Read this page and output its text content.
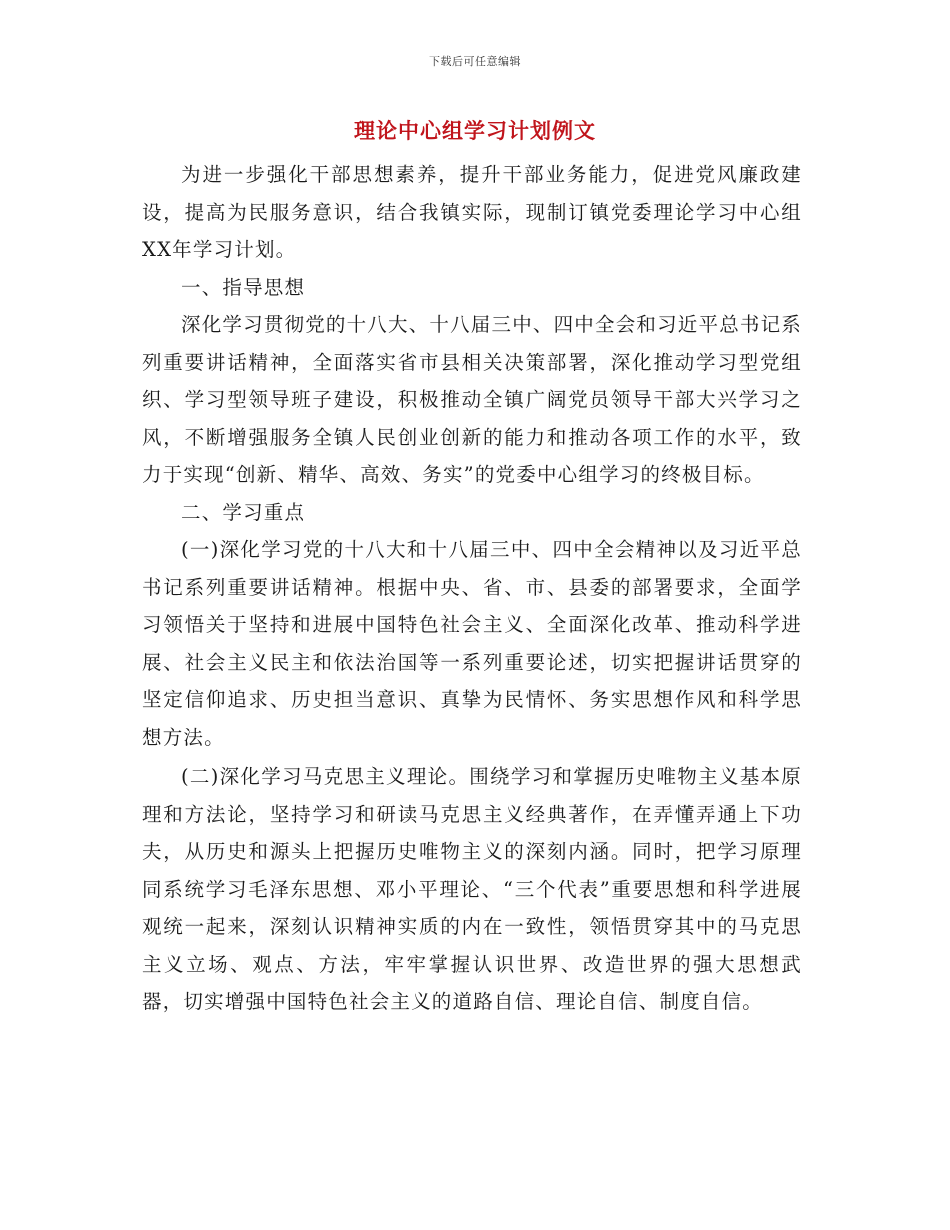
下载后可任意编辑
理论中心组学习计划例文

为进一步强化干部思想素养，提升干部业务能力，促进党风廉政建设，提高为民服务意识，结合我镇实际，现制订镇党委理论学习中心组XX年学习计划。

一、指导思想

深化学习贯彻党的十八大、十八届三中、四中全会和习近平总书记系列重要讲话精神，全面落实省市县相关决策部署，深化推动学习型党组织、学习型领导班子建设，积极推动全镇广阔党员领导干部大兴学习之风，不断增强服务全镇人民创业创新的能力和推动各项工作的水平，致力于实现“创新、精华、高效、务实”的党委中心组学习的终极目标。

二、学习重点

(一)深化学习党的十八大和十八届三中、四中全会精神以及习近平总书记系列重要讲话精神。根据中央、省、市、县委的部署要求，全面学习领悟关于坚持和进展中国特色社会主义、全面深化改革、推动科学进展、社会主义民主和依法治国等一系列重要论述，切实把握讲话贯穿的坚定信仰追求、历史担当意识、真挚为民情怀、务实思想作风和科学思想方法。

(二)深化学习马克思主义理论。围绕学习和掌握历史唯物主义基本原理和方法论，坚持学习和研读马克思主义经典著作，在弄懂弄通上下功夫，从历史和源头上把握历史唯物主义的深刻内涵。同时，把学习原理同系统学习毛泽东思想、邓小平理论、“三个代表”重要思想和科学进展观统一起来，深刻认识精神实质的内在一致性，领悟贯穿其中的马克思主义立场、观点、方法，牢牢掌握认识世界、改造世界的强大思想武器，切实增强中国特色社会主义的道路自信、理论自信、制度自信。
